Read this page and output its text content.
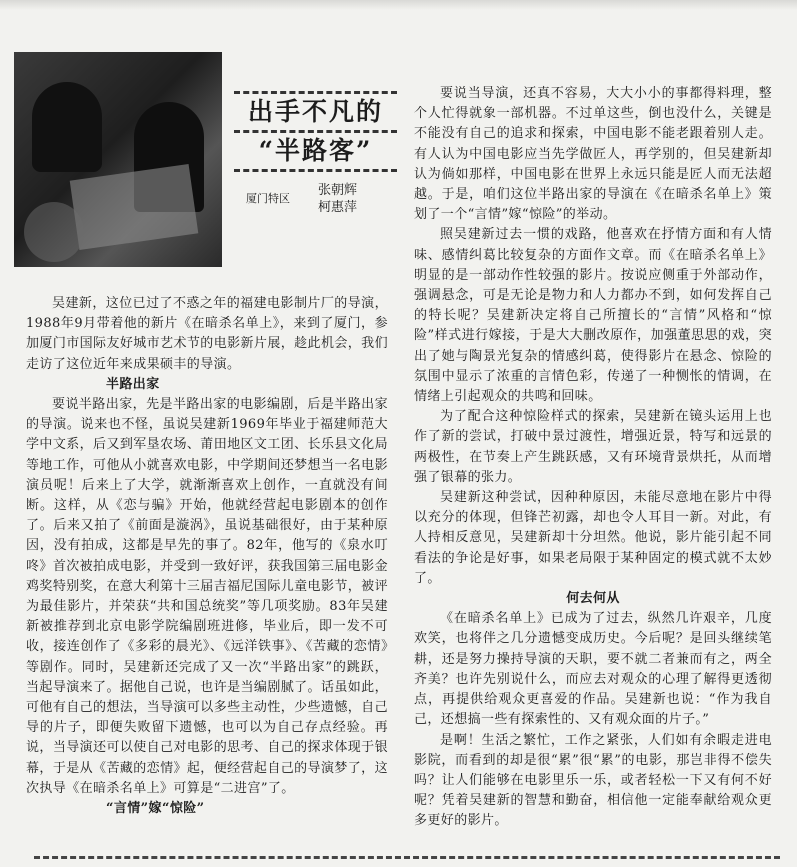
出手不凡的
“半路客”
厦门特区
张朝辉
柯惠萍

吴建新，这位已过了不惑之年的福建电影制片厂的导演，1988年9月带着他的新片《在暗杀名单上》，来到了厦门，参加厦门市国际友好城市艺术节的电影新片展，趁此机会，我们走访了这位近年来成果硕丰的导演。

半路出家

要说半路出家，先是半路出家的电影编剧，后是半路出家的导演。说来也不怪，虽说吴建新1969年毕业于福建师范大学中文系，后又到军垦农场、莆田地区文工团、长乐县文化局等地工作，可他从小就喜欢电影，中学期间还梦想当一名电影演员呢！后来上了大学，就渐渐喜欢上创作，一直就没有间断。这样，从《恋与骗》开始，他就经营起电影剧本的创作了。后来又拍了《前面是漩涡》，虽说基础很好，由于某种原因，没有拍成，这都是早先的事了。82年，他写的《泉水叮咚》首次被拍成电影，并受到一致好评，获我国第三届电影金鸡奖特别奖，在意大利第十三届吉福尼国际儿童电影节，被评为最佳影片，并荣获“共和国总统奖”等几项奖励。83年吴建新被推荐到北京电影学院编剧班进修，毕业后，即一发不可收，接连创作了《多彩的晨光》、《远洋铁事》、《苦藏的恋情》等剧作。同时，吴建新还完成了又一次“半路出家”的跳跃，当起导演来了。据他自己说，也许是当编剧腻了。话虽如此，可他有自己的想法，当导演可以多些主动性，少些遗憾，自己导的片子，即便失败留下遗憾，也可以为自己存点经验。再说，当导演还可以使自己对电影的思考、自己的探求体现于银幕，于是从《苦藏的恋情》起，便经营起自己的导演梦了，这次执导《在暗杀名单上》可算是“二进宫”了。

“言情”嫁“惊险”

要说当导演，还真不容易，大大小小的事都得料理，整个人忙得就象一部机器。不过单这些，倒也没什么，关键是不能没有自己的追求和探索，中国电影不能老跟着别人走。有人认为中国电影应当先学做匠人，再学别的，但吴建新却认为倘如那样，中国电影在世界上永远只能是匠人而无法超越。于是，咱们这位半路出家的导演在《在暗杀名单上》策划了一个“言情”嫁“惊险”的举动。

照吴建新过去一惯的戏路，他喜欢在抒情方面和有人情味、感情纠葛比较复杂的方面作文章。而《在暗杀名单上》明显的是一部动作性较强的影片。按说应侧重于外部动作，强调悬念，可是无论是物力和人力都办不到，如何发挥自己的特长呢？吴建新决定将自己所擅长的“言情”风格和“惊险”样式进行嫁接，于是大大删改原作，加强董思思的戏，突出了她与陶景光复杂的情感纠葛，使得影片在悬念、惊险的氛围中显示了浓重的言情色彩，传递了一种恻怅的情调，在情绪上引起观众的共鸣和回味。

为了配合这种惊险样式的探索，吴建新在镜头运用上也作了新的尝试，打破中景过渡性，增强近景，特写和远景的两极性，在节奏上产生跳跃感，又有环境背景烘托，从而增强了银幕的张力。

吴建新这种尝试，因种种原因，未能尽意地在影片中得以充分的体现，但锋芒初露，却也令人耳目一新。对此，有人持相反意见，吴建新却十分坦然。他说，影片能引起不同看法的争论是好事，如果老局限于某种固定的模式就不太妙了。

何去何从

《在暗杀名单上》已成为了过去，纵然几许艰辛，几度欢笑，也将伴之几分遗憾变成历史。今后呢？是回头继续笔耕，还是努力操持导演的天职，要不就二者兼而有之，两全齐美？也许先别说什么，而应去对观众的心理了解得更透彻点，再提供给观众更喜爱的作品。吴建新也说：“作为我自己，还想搞一些有探索性的、又有观众面的片子。”

是啊！生活之繁忙，工作之紧张，人们如有余暇走进电影院，而看到的却是很“累”很“累”的电影，那岂非得不偿失吗？让人们能够在电影里乐一乐，或者轻松一下又有何不好呢？凭着吴建新的智慧和勤奋，相信他一定能奉献给观众更多更好的影片。
